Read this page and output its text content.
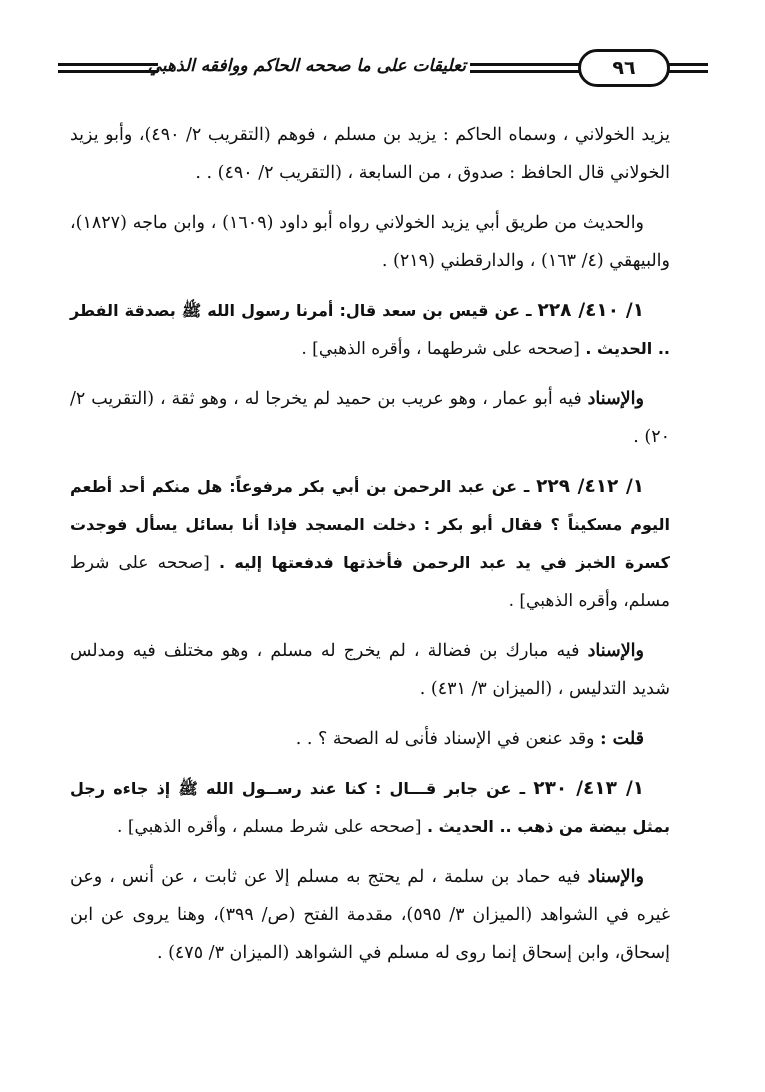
تعليقات على ما صححه الحاكم ووافقه الذهبي	٩٦

يزيد الخولاني ، وسماه الحاكم : يزيد بن مسلم ، فوهم (التقريب ٢/ ٤٩٠)، وأبو يزيد الخولاني قال الحافظ : صدوق ، من السابعة ، (التقريب ٢/ ٤٩٠) . .

والحديث من طريق أبي يزيد الخولاني رواه أبو داود (١٦٠٩) ، وابن ماجه (١٨٢٧)، والبيهقي (٤/ ١٦٣) ، والدارقطني (٢١٩) .

١/ ٤١٠/ ٢٢٨ ـ عن قيس بن سعد قال: أمرنا رسول الله ﷺ بصدقة الفطر .. الحديث . [صححه على شرطهما ، وأقره الذهبي] .

والإسناد فيه أبو عمار ، وهو عريب بن حميد لم يخرجا له ، وهو ثقة ، (التقريب ٢/ ٢٠) .

١/ ٤١٢/ ٢٢٩ ـ عن عبد الرحمن بن أبي بكر مرفوعاً: هل منكم أحد أطعم اليوم مسكيناً ؟ فقال أبو بكر : دخلت المسجد فإذا أنا بسائل يسأل فوجدت كسرة الخبز في يد عبد الرحمن فأخذتها فدفعتها إليه . [صححه على شرط مسلم، وأقره الذهبي] .

والإسناد فيه مبارك بن فضالة ، لم يخرج له مسلم ، وهو مختلف فيه ومدلس شديد التدليس ، (الميزان ٣/ ٤٣١) .

قلت : وقد عنعن في الإسناد فأنى له الصحة ؟ . .

١/ ٤١٣/ ٢٣٠ ـ عن جابر قـــال : كنا عند رســول الله ﷺ إذ جاءه رجل بمثل بيضة من ذهب .. الحديث . [صححه على شرط مسلم ، وأقره الذهبي] .

والإسناد فيه حماد بن سلمة ، لم يحتج به مسلم إلا عن ثابت ، عن أنس ، وعن غيره في الشواهد (الميزان ٣/ ٥٩٥)، مقدمة الفتح (ص/ ٣٩٩)، وهنا يروى عن ابن إسحاق، وابن إسحاق إنما روى له مسلم في الشواهد (الميزان ٣/ ٤٧٥) .
